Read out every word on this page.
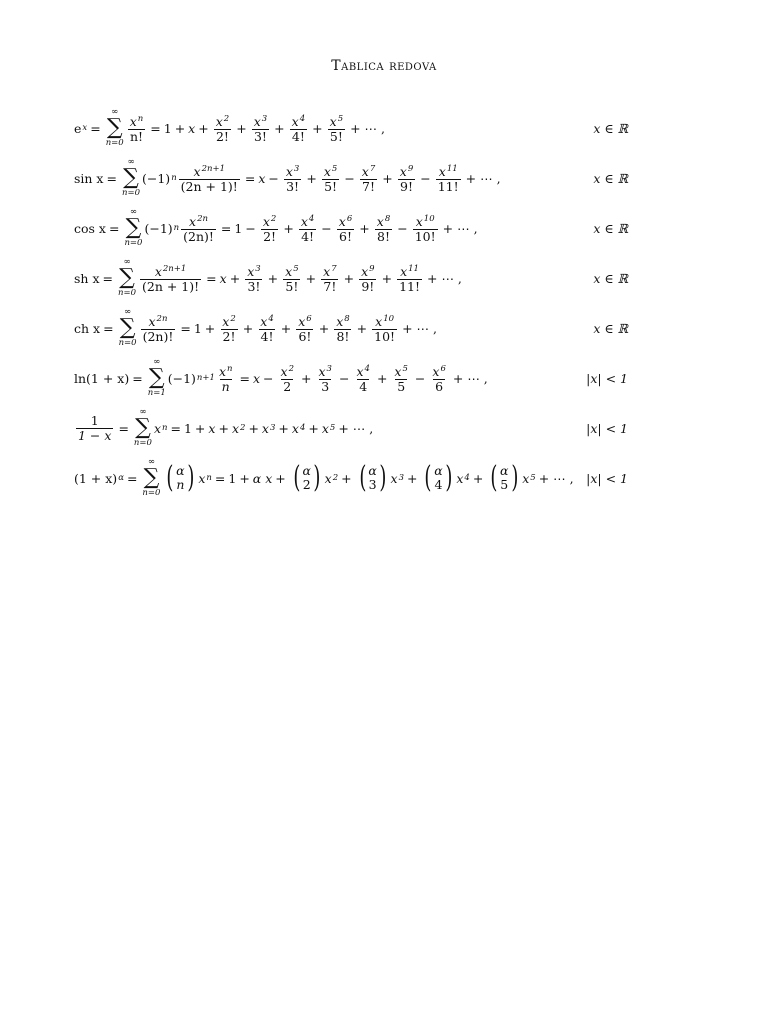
Tablica redova
e x =
∞
∑
$n=0 \frac{x^n}{n!} = 1 + x + \frac{x^2}{2!} + \frac{x^3}{3!} + \frac{x^4}{4!} + \frac{x^5}{5!}$ + ⋯ ,	x ∈ ℝ
sin x =
∞
∑
n=0
(−1) n $\frac{x^{2n+1}}{(2n + 1)!} = x - \frac{x^3}{3!} + \frac{x^5}{5!} - \frac{x^7}{7!} + \frac{x^9}{9!} - \frac{x^{11}}{11!}$ + ⋯ ,	x ∈ ℝ
cos x =
∞
∑
n=0
(−1) n $\frac{x^{2n}}{(2n)!} = 1 - \frac{x^2}{2!} + \frac{x^4}{4!} - \frac{x^6}{6!} + \frac{x^8}{8!} - \frac{x^{10}}{10!}$ + ⋯ ,	x ∈ ℝ
sh x =
∞
∑
$n=0 \frac{x^{2n+1}}{(2n + 1)!} = x + \frac{x^3}{3!} + \frac{x^5}{5!} + \frac{x^7}{7!} + \frac{x^9}{9!} + \frac{x^{11}}{11!}$ + ⋯ ,	x ∈ ℝ
ch x =
∞
∑
$n=0 \frac{x^{2n}}{(2n)!} = 1 + \frac{x^2}{2!} + \frac{x^4}{4!} + \frac{x^6}{6!} + \frac{x^8}{8!} + \frac{x^{10}}{10!}$ + ⋯ ,	x ∈ ℝ
ln(1 + x) =
∞
∑
n=1
(−1) $n+1 \frac{x^n}{n} = x - \frac{x^2}{2} + \frac{x^3}{3} - \frac{x^4}{4} + \frac{x^5}{5} - \frac{x^6}{6}$ + ⋯ ,	|x| < 1
$\frac{1}{1 - x}$ =
∞
∑
n=0
x n = 1 + x + x 2 + x 3 + x 4 + x 5 + ⋯ ,	|x| < 1
(1 + x) α =
∞
∑
n=0 ( α
n ) x n = 1 + α x + ( α
2 ) x 2 + ( α
3 ) x 3 + ( α
4 ) x 4 + ( α
5 ) x 5 + ⋯ , |x| < 1
